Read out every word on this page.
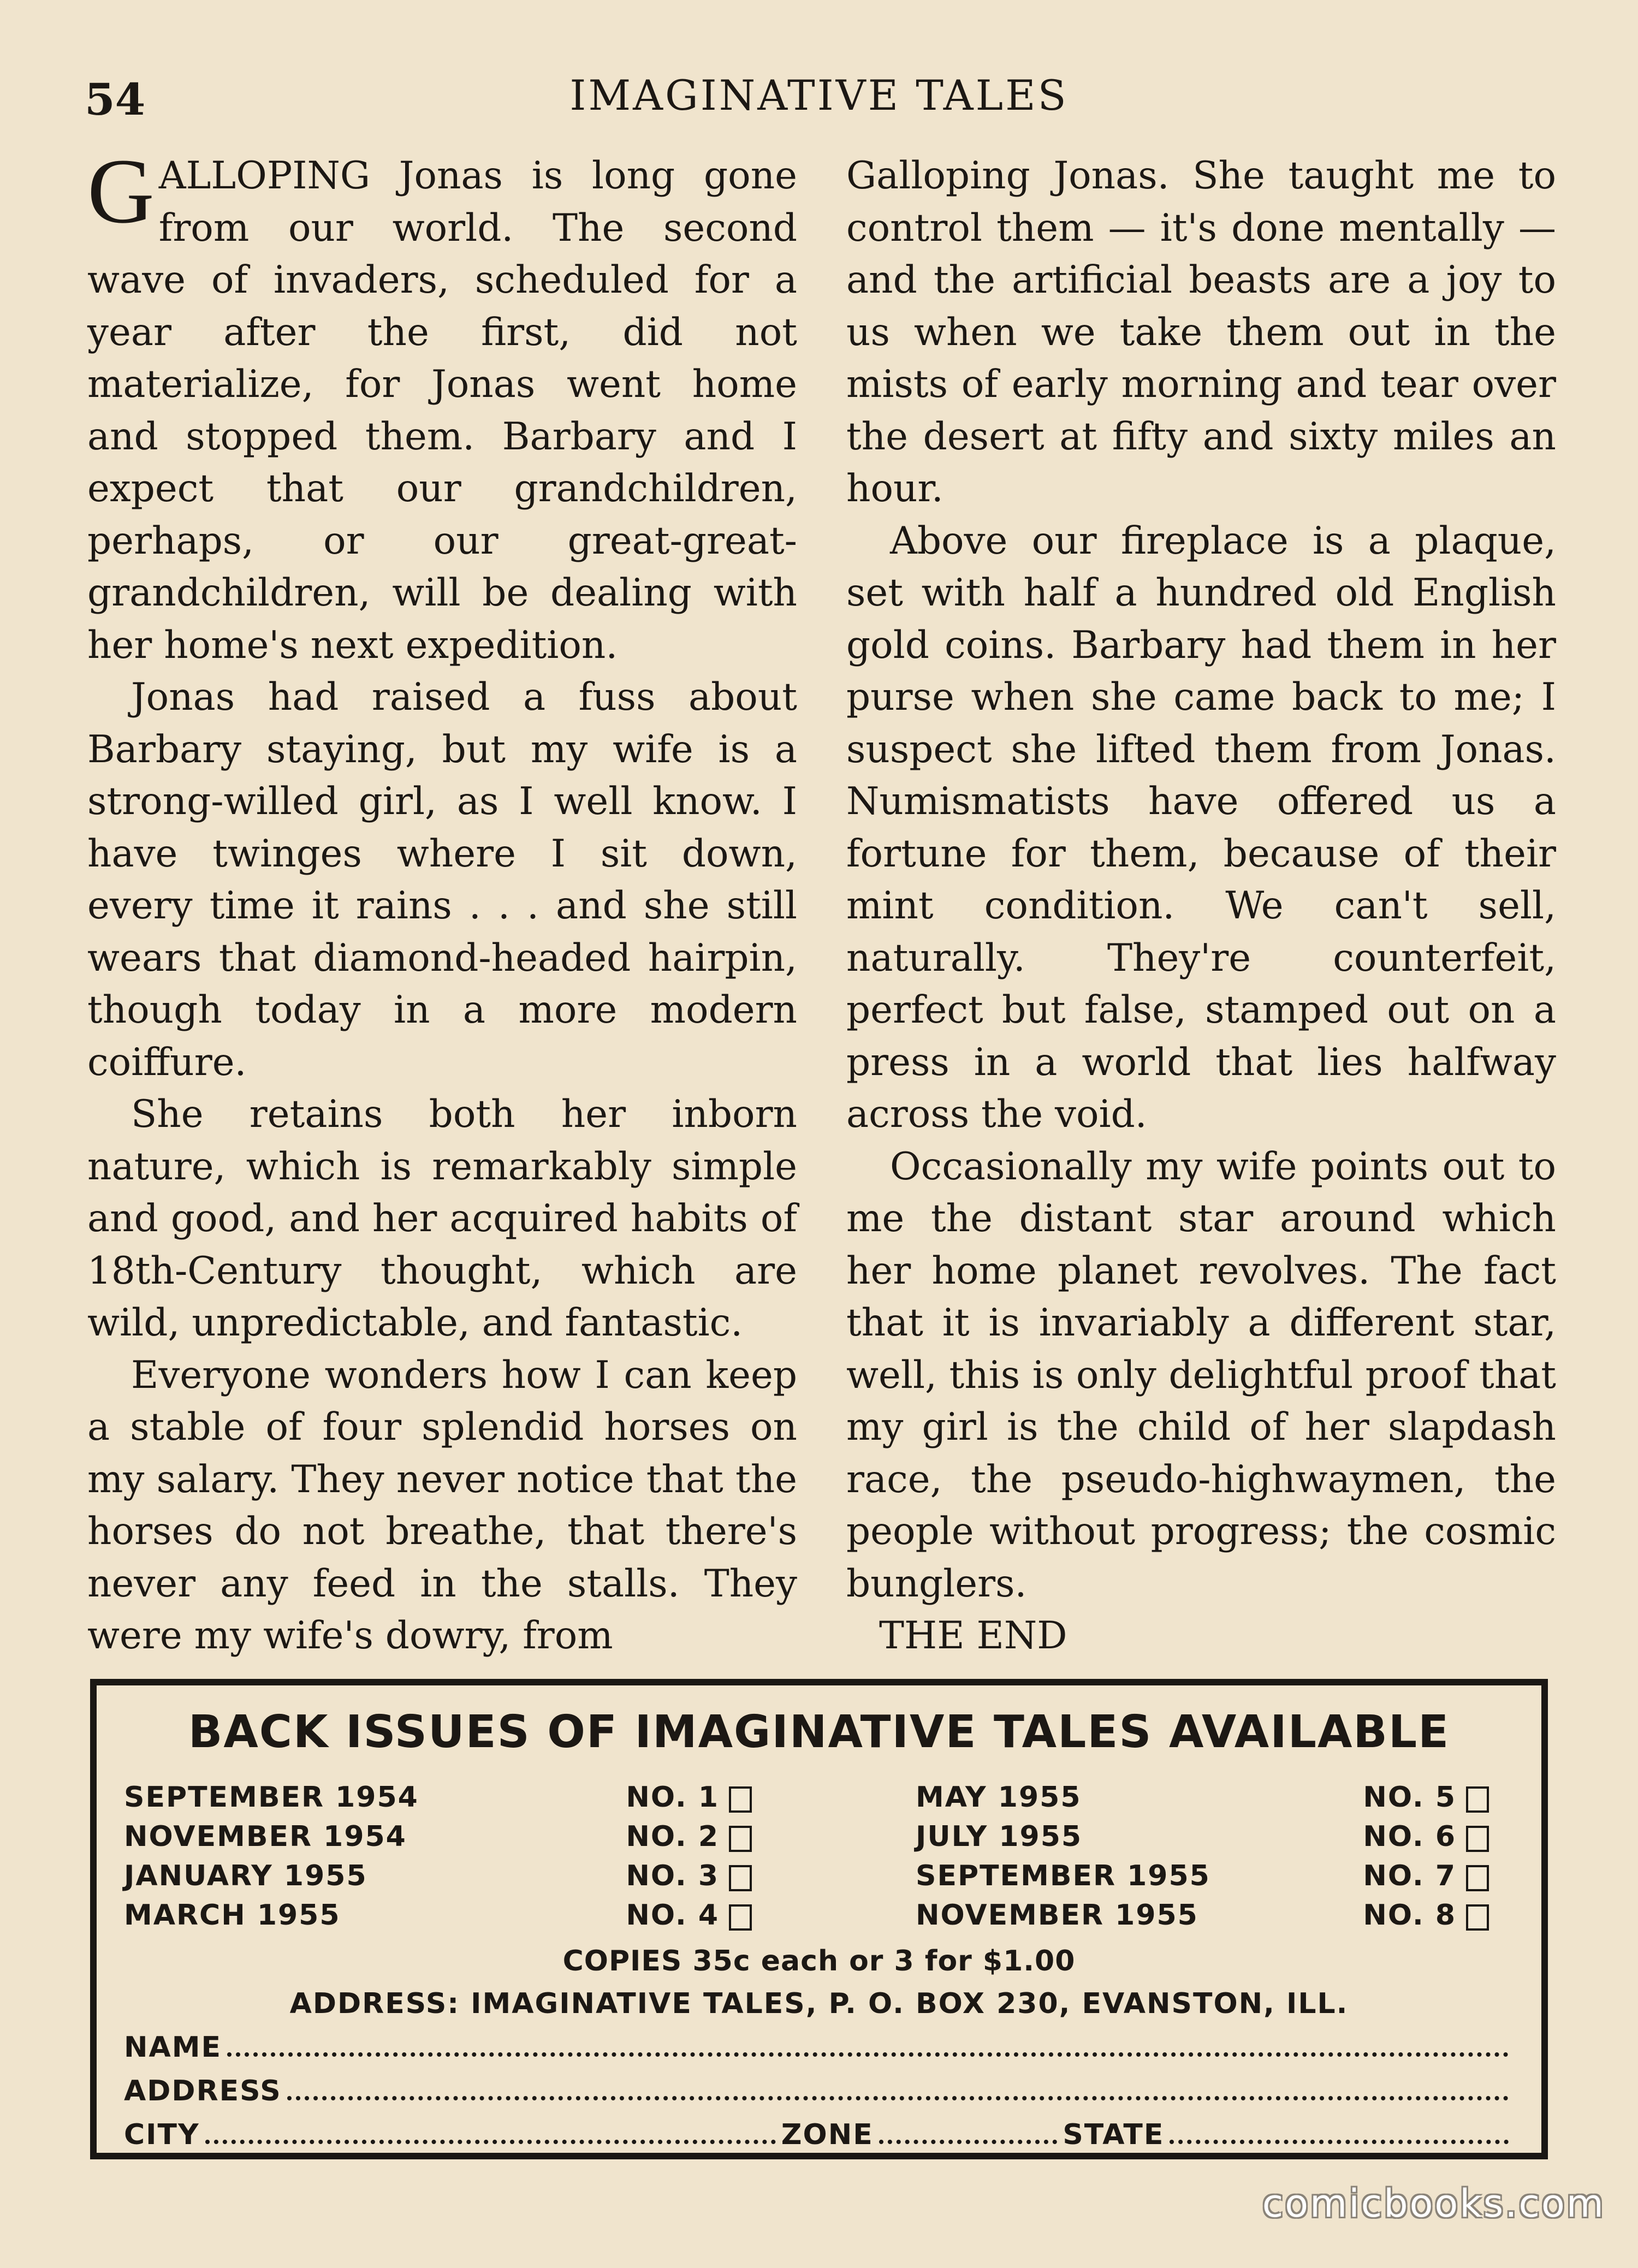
54	IMAGINATIVE TALES

GALLOPING Jonas is long gone from our world. The second wave of invaders, scheduled for a year after the first, did not materialize, for Jonas went home and stopped them. Barbary and I expect that our grandchildren, perhaps, or our great-great-grandchildren, will be dealing with her home's next expedition.

Jonas had raised a fuss about Barbary staying, but my wife is a strong-willed girl, as I well know. I have twinges where I sit down, every time it rains . . . and she still wears that diamond-headed hairpin, though today in a more modern coiffure.

She retains both her inborn nature, which is remarkably simple and good, and her acquired habits of 18th-Century thought, which are wild, unpredictable, and fantastic.

Everyone wonders how I can keep a stable of four splendid horses on my salary. They never notice that the horses do not breathe, that there's never any feed in the stalls. They were my wife's dowry, from

Galloping Jonas. She taught me to control them — it's done mentally — and the artificial beasts are a joy to us when we take them out in the mists of early morning and tear over the desert at fifty and sixty miles an hour.

Above our fireplace is a plaque, set with half a hundred old English gold coins. Barbary had them in her purse when she came back to me; I suspect she lifted them from Jonas. Numismatists have offered us a fortune for them, because of their mint condition. We can't sell, naturally. They're counterfeit, perfect but false, stamped out on a press in a world that lies halfway across the void.

Occasionally my wife points out to me the distant star around which her home planet revolves. The fact that it is invariably a different star, well, this is only delightful proof that my girl is the child of her slapdash race, the pseudo-highwaymen, the people without progress; the cosmic bunglers.

THE END

BACK ISSUES OF IMAGINATIVE TALES AVAILABLE
SEPTEMBER 1954	NO. 1
NOVEMBER 1954	NO. 2
JANUARY 1955	NO. 3
MARCH 1955	NO. 4
MAY 1955	NO. 5
JULY 1955	NO. 6
SEPTEMBER 1955	NO. 7
NOVEMBER 1955	NO. 8
COPIES 35c each or 3 for $1.00
ADDRESS: IMAGINATIVE TALES, P. O. BOX 230, EVANSTON, ILL.
NAME
ADDRESS
CITY	ZONE	STATE
comicbooks.com
